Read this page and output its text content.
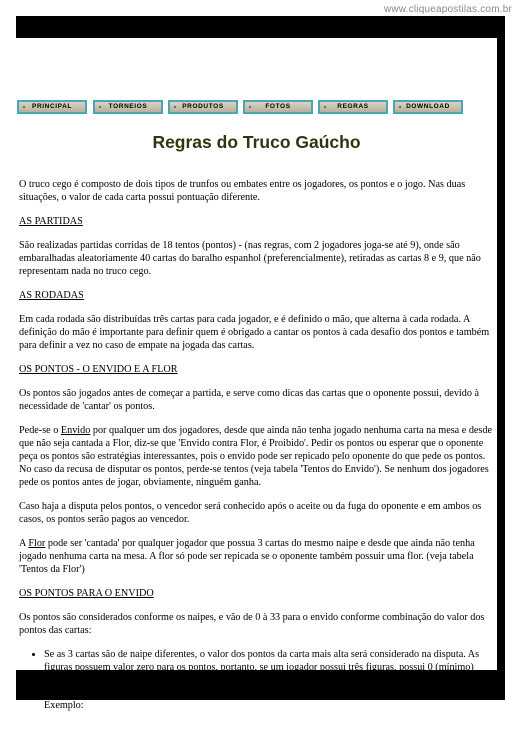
www.cliqueapostilas.com.br
PRINCIPAL	TORNEIOS	PRODUTOS	FOTOS	REGRAS	DOWNLOAD
Regras do Truco Gaúcho

O truco cego é composto de dois tipos de trunfos ou embates entre os jogadores, os pontos e o jogo. Nas duas situações, o valor de cada carta possui pontuação diferente.

AS PARTIDAS

São realizadas partidas corridas de 18 tentos (pontos) - (nas regras, com 2 jogadores joga-se até 9), onde são embaralhadas aleatoriamente 40 cartas do baralho espanhol (preferencialmente), retiradas as cartas 8 e 9, que não representam nada no truco cego.

AS RODADAS

Em cada rodada são distribuídas três cartas para cada jogador, e é definido o mão, que alterna à cada rodada. A definição do mão é importante para definir quem é obrigado a cantar os pontos à cada desafio dos pontos e também para definir a vez no caso de empate na jogada das cartas.

OS PONTOS - O ENVIDO E A FLOR

Os pontos são jogados antes de começar a partida, e serve como dicas das cartas que o oponente possui, devido à necessidade de 'cantar' os pontos.

Pede-se o Envido por qualquer um dos jogadores, desde que ainda não tenha jogado nenhuma carta na mesa e desde que não seja cantada a Flor, diz-se que 'Envido contra Flor, é Proibido'. Pedir os pontos ou esperar que o oponente peça os pontos são estratégias interessantes, pois o envido pode ser repicado pelo oponente do que pede os pontos. No caso da recusa de disputar os pontos, perde-se tentos (veja tabela 'Tentos do Envido'). Se nenhum dos jogadores pede os pontos antes de jogar, obviamente, ninguém ganha.

Caso haja a disputa pelos pontos, o vencedor será conhecido após o aceite ou da fuga do oponente e em ambos os casos, os pontos serão pagos ao vencedor.

A Flor pode ser 'cantada' por qualquer jogador que possua 3 cartas do mesmo naipe e desde que ainda não tenha jogado nenhuma carta na mesa. A flor só pode ser repicada se o oponente também possuir uma flor. (veja tabela 'Tentos da Flor')

OS PONTOS PARA O ENVIDO

Os pontos são considerados conforme os naipes, e vão de 0 à 33 para o envido conforme combinação do valor dos pontos das cartas:

• Se as 3 cartas são de naipe diferentes, o valor dos pontos da carta mais alta será considerado na disputa. As figuras possuem valor zero para os pontos, portanto, se um jogador possui três figuras, possui 0 (mínimo) pontos para a disputa;
Exemplo:
